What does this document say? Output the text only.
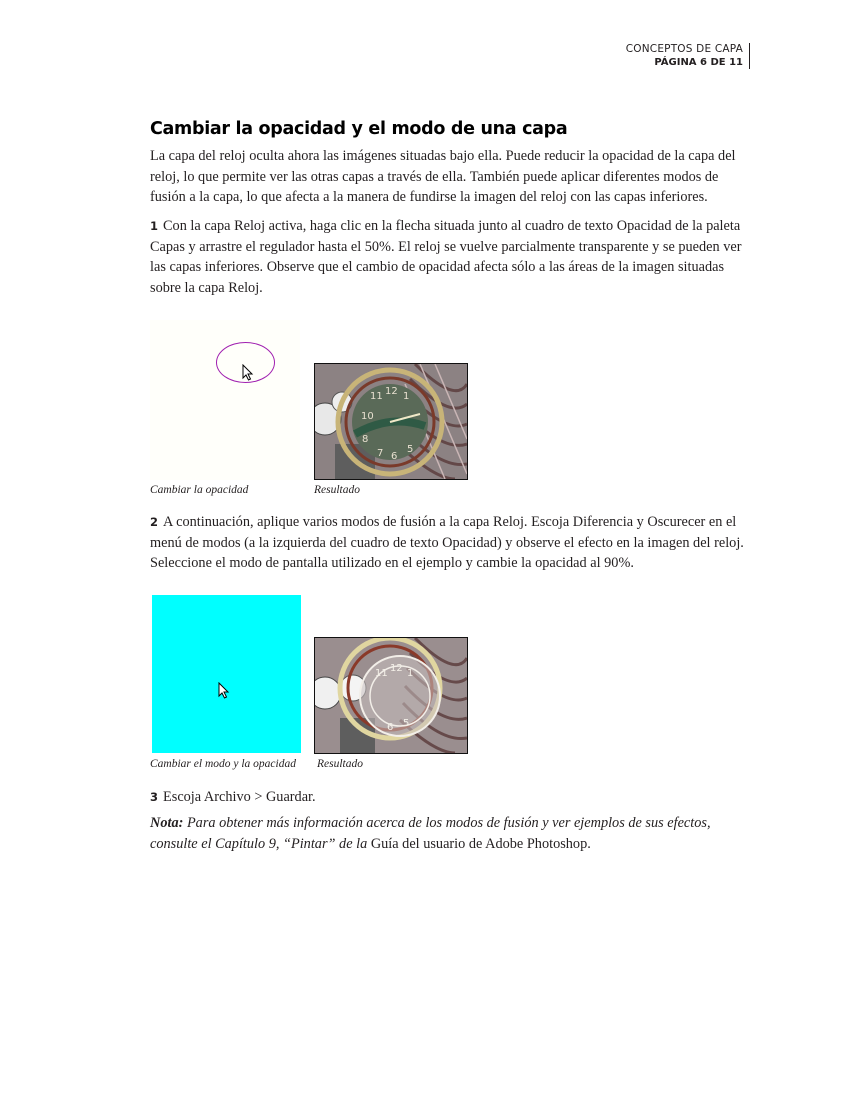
CONCEPTOS DE CAPA
PÁGINA 6 DE 11
Cambiar la opacidad y el modo de una capa
La capa del reloj oculta ahora las imágenes situadas bajo ella. Puede reducir la opacidad de la capa del reloj, lo que permite ver las otras capas a través de ella. También puede aplicar diferentes modos de fusión a la capa, lo que afecta a la manera de fundirse la imagen del reloj con las capas inferiores.
1 Con la capa Reloj activa, haga clic en la flecha situada junto al cuadro de texto Opacidad de la paleta Capas y arrastre el regulador hasta el 50%. El reloj se vuelve parcialmente transparente y se pueden ver las capas inferiores. Observe que el cambio de opacidad afecta sólo a las áreas de la imagen situadas sobre la capa Reloj.
11 12 1
10
8
7 6
5
Cambiar la opacidad	Resultado
2 A continuación, aplique varios modos de fusión a la capa Reloj. Escoja Diferencia y Oscurecer en el menú de modos (a la izquierda del cuadro de texto Opacidad) y observe el efecto en la imagen del reloj. Seleccione el modo de pantalla utilizado en el ejemplo y cambie la opacidad al 90%.
11 12 1
6 5
Cambiar el modo y la opacidad Resultado
3 Escoja Archivo > Guardar.
Nota: Para obtener más información acerca de los modos de fusión y ver ejemplos de sus efectos, consulte el Capítulo 9, “Pintar” de la Guía del usuario de Adobe Photoshop.
